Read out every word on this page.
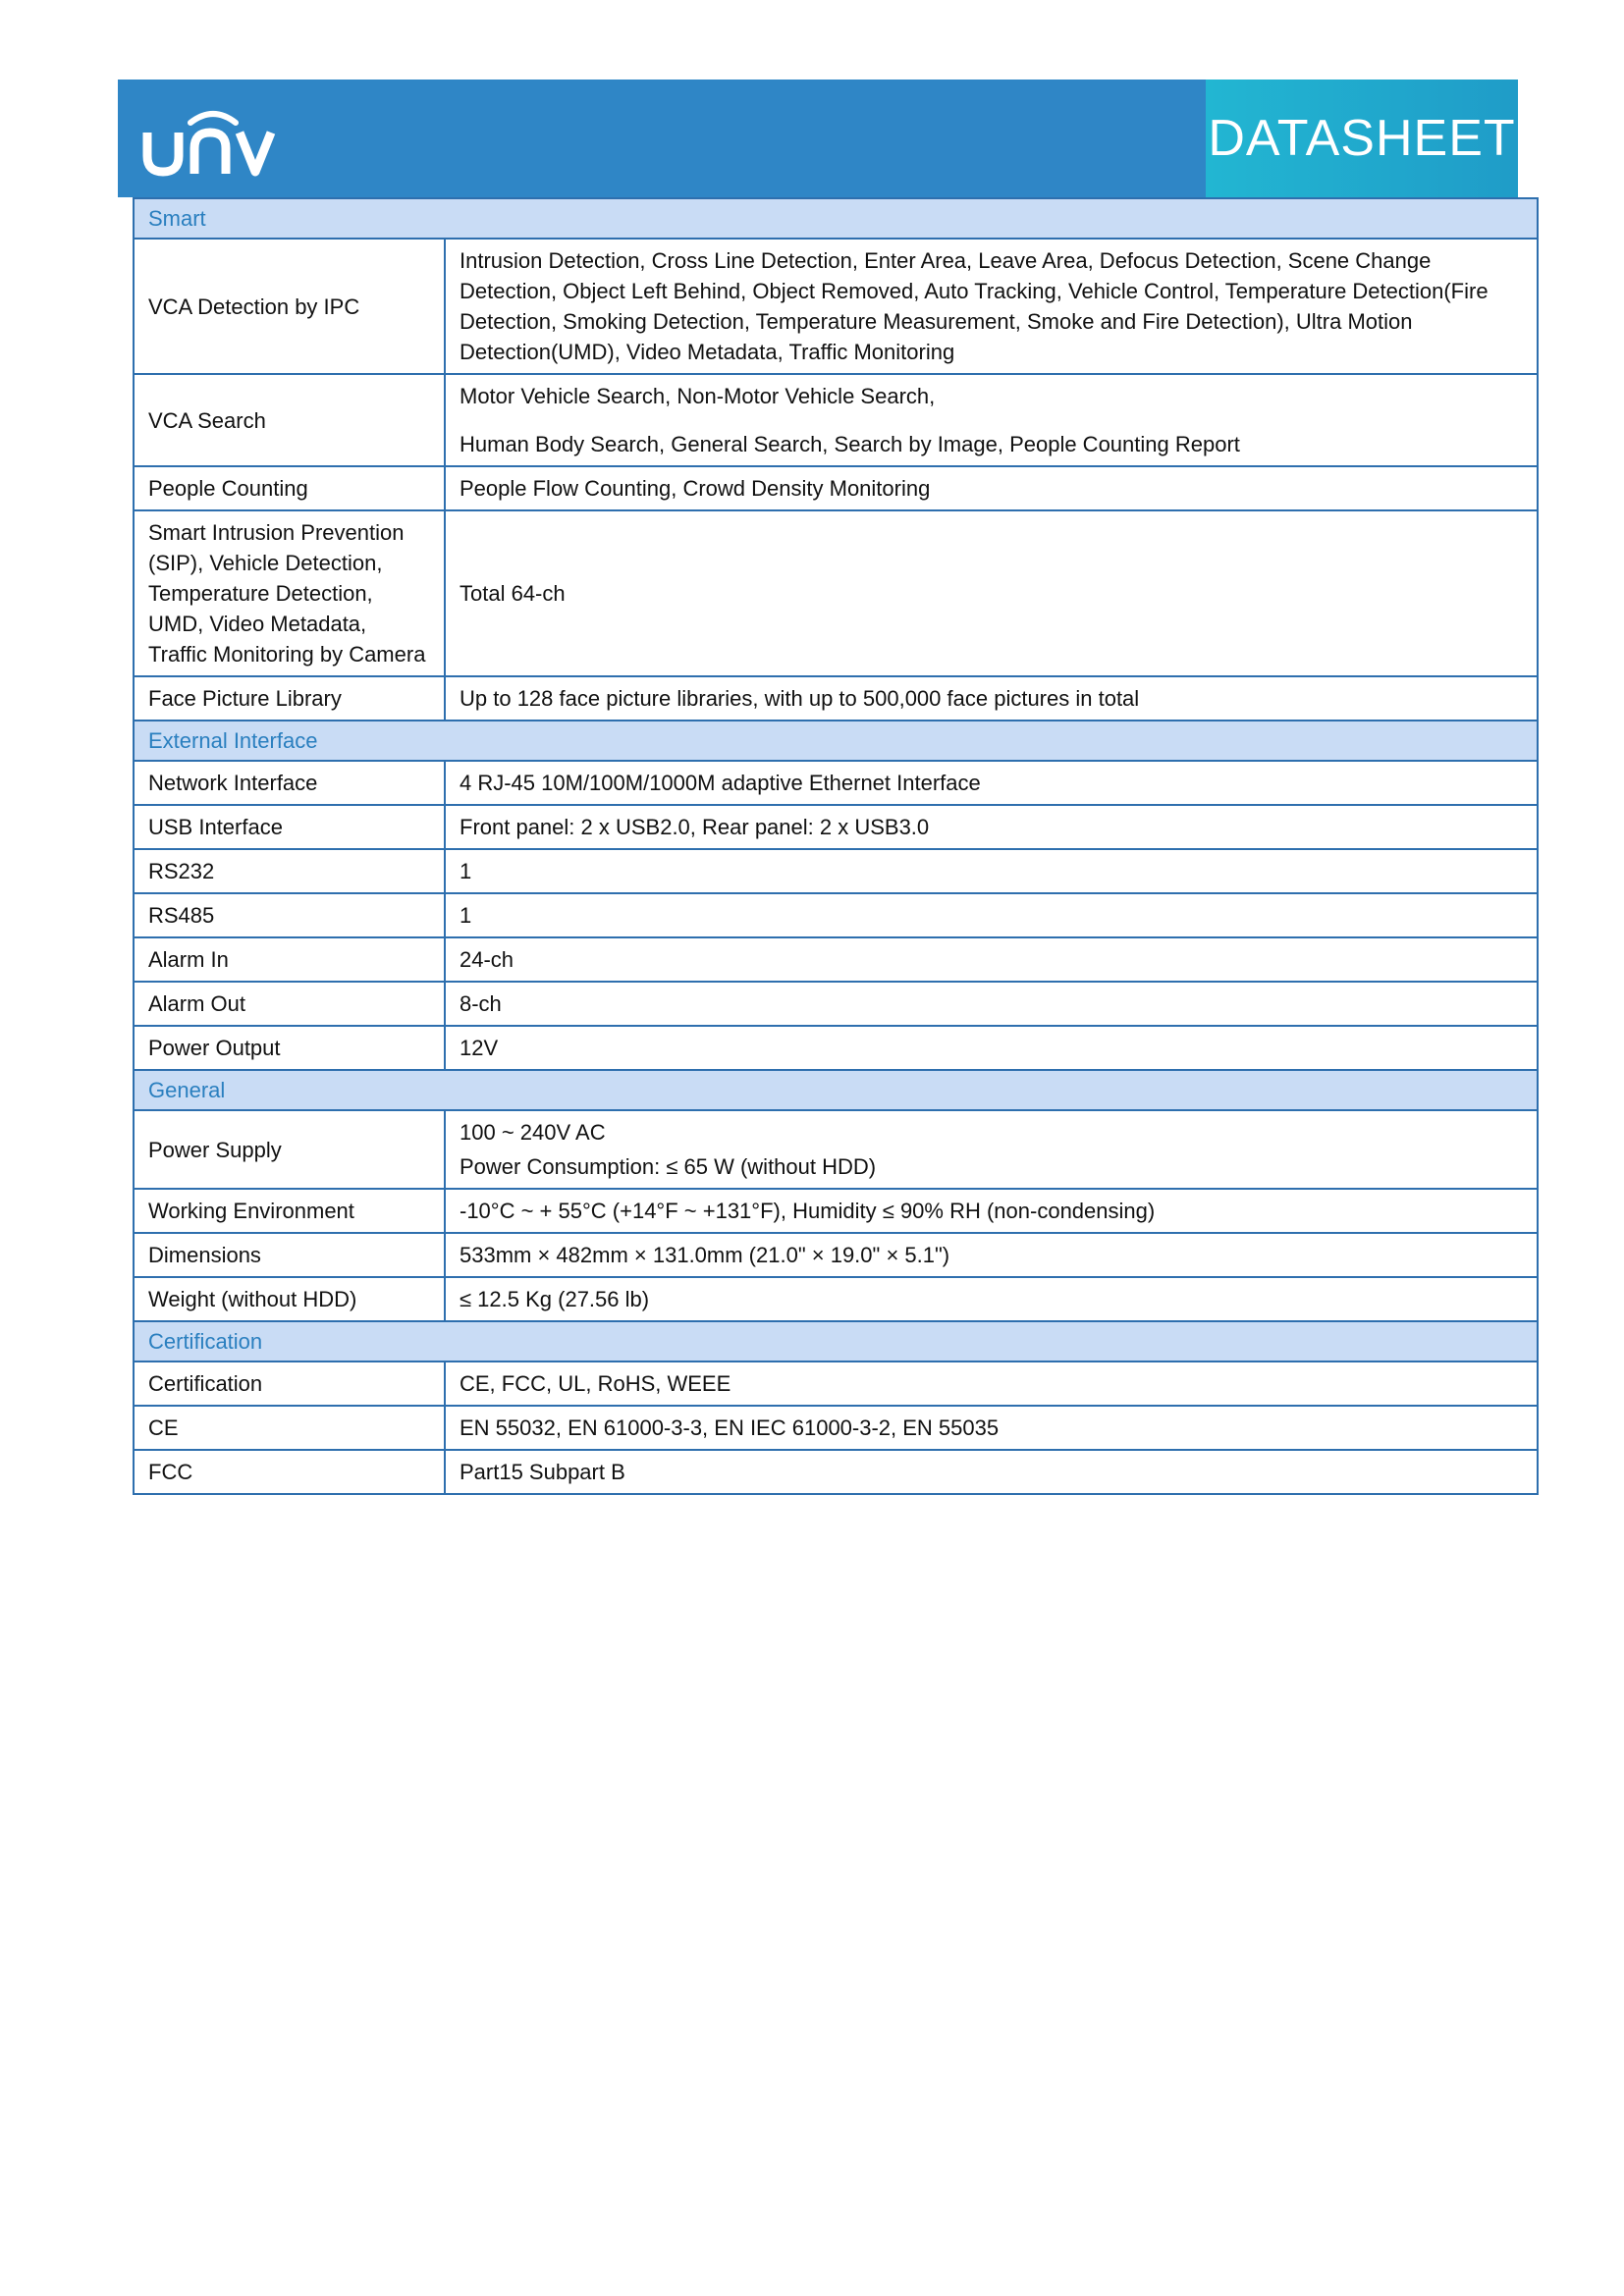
DATASHEET
Smart	
VCA Detection by IPC	Intrusion Detection, Cross Line Detection, Enter Area, Leave Area, Defocus Detection, Scene Change Detection, Object Left Behind, Object Removed, Auto Tracking, Vehicle Control, Temperature Detection(Fire Detection, Smoking Detection, Temperature Measurement, Smoke and Fire Detection), Ultra Motion Detection(UMD), Video Metadata, Traffic Monitoring
VCA Search	Motor Vehicle Search, Non-Motor Vehicle Search,
Human Body Search, General Search, Search by Image, People Counting Report

People Counting	People Flow Counting, Crowd Density Monitoring
Smart Intrusion Prevention (SIP), Vehicle Detection, Temperature Detection, UMD, Video Metadata, Traffic Monitoring by Camera	Total 64-ch
Face Picture Library	Up to 128 face picture libraries, with up to 500,000 face pictures in total
External Interface	
Network Interface	4 RJ-45 10M/100M/1000M adaptive Ethernet Interface
USB Interface	Front panel: 2 x USB2.0, Rear panel: 2 x USB3.0
RS232	1
RS485	1
Alarm In	24-ch
Alarm Out	8-ch
Power Output	12V
General	
Power Supply	100 ~ 240V AC
Power Consumption: ≤ 65 W (without HDD)

Working Environment	-10°C ~ + 55°C (+14°F ~ +131°F), Humidity ≤ 90% RH (non-condensing)
Dimensions	533mm × 482mm × 131.0mm (21.0" × 19.0" × 5.1")
Weight (without HDD)	≤ 12.5 Kg (27.56 lb)
Certification	
Certification	CE, FCC, UL, RoHS, WEEE
CE	EN 55032, EN 61000-3-3, EN IEC 61000-3-2, EN 55035
FCC	Part15 Subpart B
